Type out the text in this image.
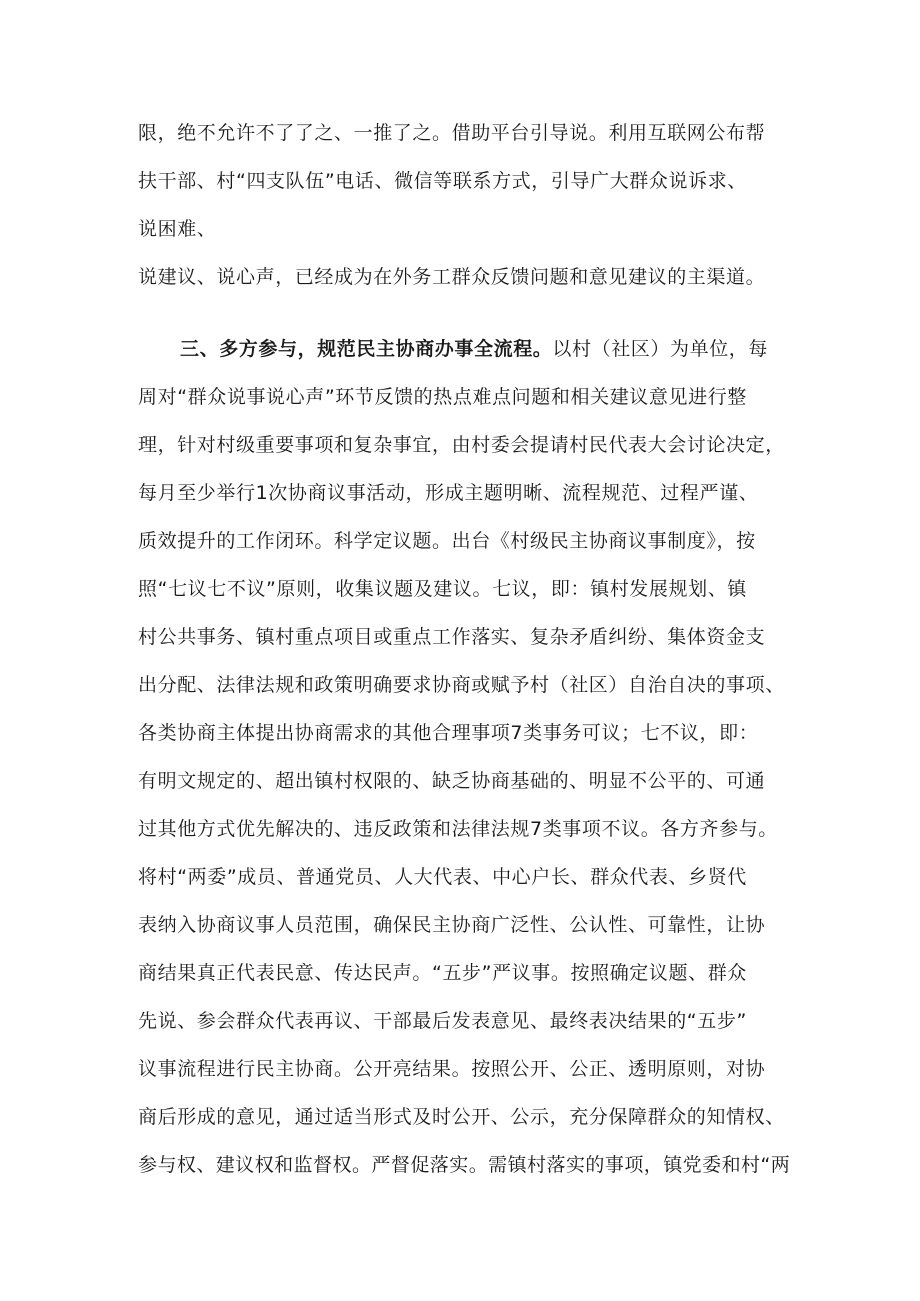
限，绝不允许不了了之、一推了之。借助平台引导说。利用互联网公布帮
扶干部、村“四支队伍”电话、微信等联系方式，引导广大群众说诉求、
说困难、
说建议、说心声，已经成为在外务工群众反馈问题和意见建议的主渠道。
三、多方参与，规范民主协商办事全流程。以村（社区）为单位，每
周对“群众说事说心声”环节反馈的热点难点问题和相关建议意见进行整
理，针对村级重要事项和复杂事宜，由村委会提请村民代表大会讨论决定，
每月至少举行1次协商议事活动，形成主题明晰、流程规范、过程严谨、
质效提升的工作闭环。科学定议题。出台《村级民主协商议事制度》，按
照“七议七不议”原则，收集议题及建议。七议，即：镇村发展规划、镇
村公共事务、镇村重点项目或重点工作落实、复杂矛盾纠纷、集体资金支
出分配、法律法规和政策明确要求协商或赋予村（社区）自治自决的事项、
各类协商主体提出协商需求的其他合理事项7类事务可议；七不议，即：
有明文规定的、超出镇村权限的、缺乏协商基础的、明显不公平的、可通
过其他方式优先解决的、违反政策和法律法规7类事项不议。各方齐参与。
将村“两委”成员、普通党员、人大代表、中心户长、群众代表、乡贤代
表纳入协商议事人员范围，确保民主协商广泛性、公认性、可靠性，让协
商结果真正代表民意、传达民声。“五步”严议事。按照确定议题、群众
先说、参会群众代表再议、干部最后发表意见、最终表决结果的“五步”
议事流程进行民主协商。公开亮结果。按照公开、公正、透明原则，对协
商后形成的意见，通过适当形式及时公开、公示，充分保障群众的知情权、
参与权、建议权和监督权。严督促落实。需镇村落实的事项，镇党委和村“两
